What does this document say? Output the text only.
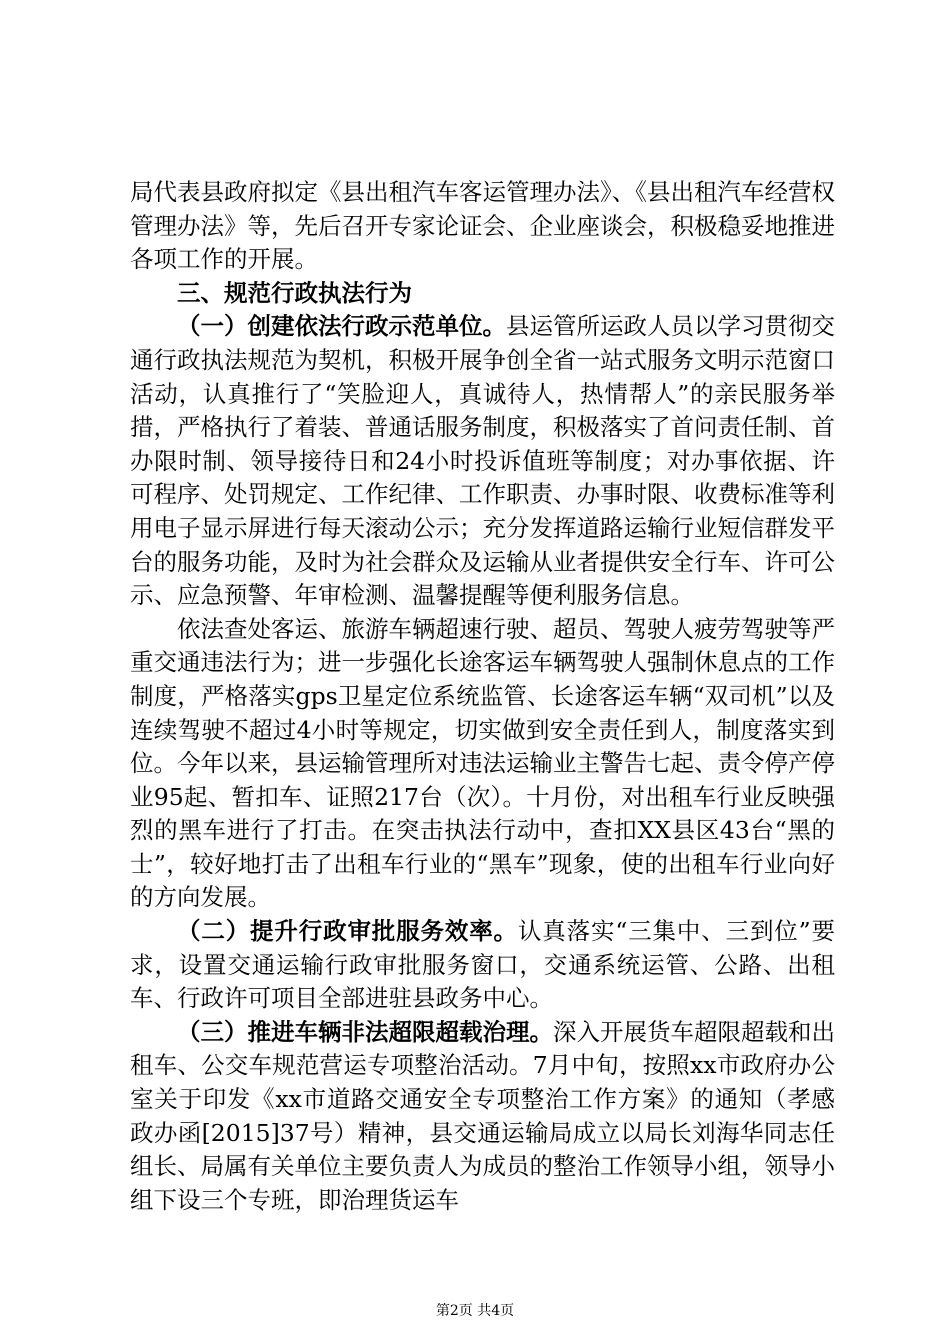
局代表县政府拟定《县出租汽车客运管理办法》、《县出租汽车经营权管理办法》等，先后召开专家论证会、企业座谈会，积极稳妥地推进各项工作的开展。

三、规范行政执法行为

（一）创建依法行政示范单位。县运管所运政人员以学习贯彻交通行政执法规范为契机，积极开展争创全省一站式服务文明示范窗口活动，认真推行了“笑脸迎人，真诚待人，热情帮人”的亲民服务举措，严格执行了着装、普通话服务制度，积极落实了首问责任制、首办限时制、领导接待日和24小时投诉值班等制度；对办事依据、许可程序、处罚规定、工作纪律、工作职责、办事时限、收费标准等利用电子显示屏进行每天滚动公示；充分发挥道路运输行业短信群发平台的服务功能，及时为社会群众及运输从业者提供安全行车、许可公示、应急预警、年审检测、温馨提醒等便利服务信息。

依法查处客运、旅游车辆超速行驶、超员、驾驶人疲劳驾驶等严重交通违法行为；进一步强化长途客运车辆驾驶人强制休息点的工作制度，严格落实gps卫星定位系统监管、长途客运车辆“双司机”以及连续驾驶不超过4小时等规定，切实做到安全责任到人，制度落实到位。今年以来，县运输管理所对违法运输业主警告七起、责令停产停业95起、暂扣车、证照217台（次）。十月份，对出租车行业反映强烈的黑车进行了打击。在突击执法行动中，查扣XX县区43台“黑的士”，较好地打击了出租车行业的“黑车”现象，使的出租车行业向好的方向发展。

（二）提升行政审批服务效率。认真落实“三集中、三到位”要求，设置交通运输行政审批服务窗口，交通系统运管、公路、出租车、行政许可项目全部进驻县政务中心。

（三）推进车辆非法超限超载治理。深入开展货车超限超载和出租车、公交车规范营运专项整治活动。7月中旬，按照xx市政府办公室关于印发《xx市道路交通安全专项整治工作方案》的通知（孝感政办函[2015]37号）精神，县交通运输局成立以局长刘海华同志任组长、局属有关单位主要负责人为成员的整治工作领导小组，领导小组下设三个专班，即治理货运车

第2页 共4页
